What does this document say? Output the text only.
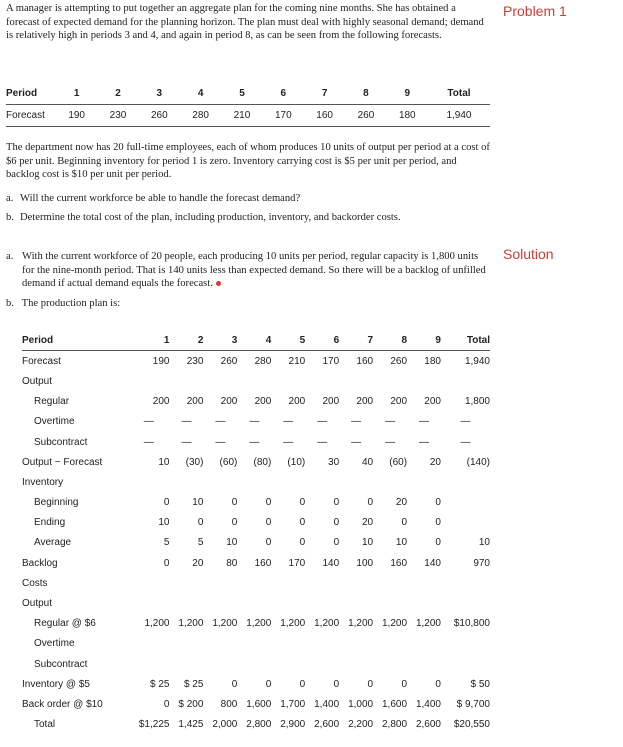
Problem 1
A manager is attempting to put together an aggregate plan for the coming nine months. She has obtained a forecast of expected demand for the planning horizon. The plan must deal with highly seasonal demand; demand is relatively high in periods 3 and 4, and again in period 8, as can be seen from the following forecasts.
Period	1	2	3	4	5	6	7	8	9	Total
Forecast	190	230	260	280	210	170	160	260	180	1,940
The department now has 20 full-time employees, each of whom produces 10 units of output per period at a cost of $6 per unit. Beginning inventory for period 1 is zero. Inventory carrying cost is $5 per unit per period, and backlog cost is $10 per unit per period.
a. Will the current workforce be able to handle the forecast demand?
b. Determine the total cost of the plan, including production, inventory, and backorder costs.
Solution
a. With the current workforce of 20 people, each producing 10 units per period, regular capacity is 1,800 units for the nine-month period. That is 140 units less than expected demand. So there will be a backlog of unfilled demand if actual demand equals the forecast.
b. The production plan is:
Period	1	2	3	4	5	6	7	8	9	Total
Forecast	190	230	260	280	210	170	160	260	180	1,940
Output										
Regular	200	200	200	200	200	200	200	200	200	1,800
Overtime	—	—	—	—	—	—	—	—	—	—
Subcontract	—	—	—	—	—	—	—	—	—	—
Output − Forecast	10	(30)	(60)	(80)	(10)	30	40	(60)	20	(140)
Inventory										
Beginning	0	10	0	0	0	0	0	20	0	
Ending	10	0	0	0	0	0	20	0	0	
Average	5	5	10	0	0	0	10	10	0	10
Backlog	0	20	80	160	170	140	100	160	140	970
Costs										
Output										
Regular @ $6	1,200	1,200	1,200	1,200	1,200	1,200	1,200	1,200	1,200	$10,800
Overtime										
Subcontract										
Inventory @ $5	$ 25	$ 25	0	0	0	0	0	0	0	$ 50
Back order @ $10	0	$ 200	800	1,600	1,700	1,400	1,000	1,600	1,400	$ 9,700
Total	$1,225	1,425	2,000	2,800	2,900	2,600	2,200	2,800	2,600	$20,550
